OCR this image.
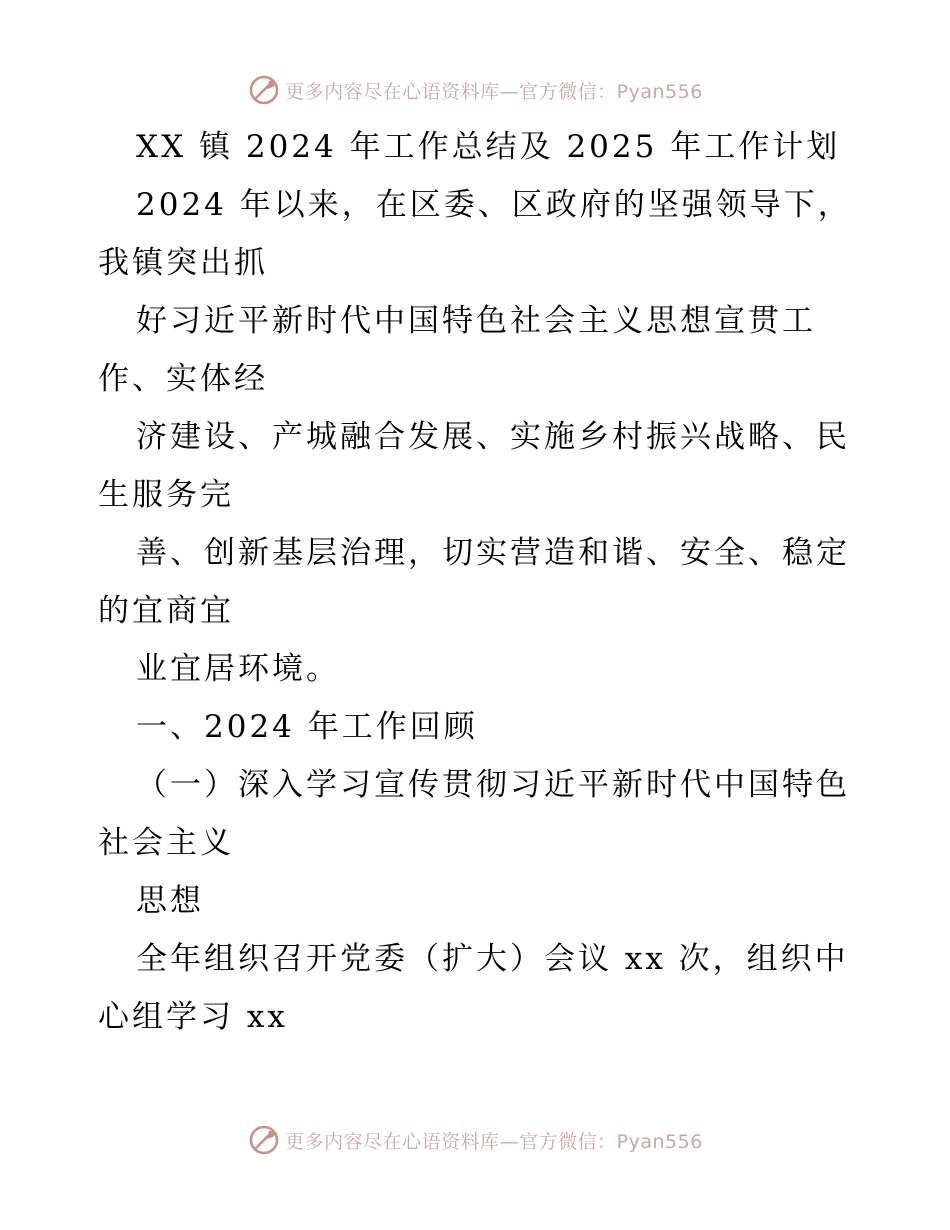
更多内容尽在心语资料库—官方微信：Pyan556
XX 镇 2024 年工作总结及 2025 年工作计划
2024 年以来，在区委、区政府的坚强领导下，
我镇突出抓
好习近平新时代中国特色社会主义思想宣贯工
作、实体经
济建设、产城融合发展、实施乡村振兴战略、民
生服务完
善、创新基层治理，切实营造和谐、安全、稳定
的宜商宜
业宜居环境。
一、2024 年工作回顾
（一）深入学习宣传贯彻习近平新时代中国特色
社会主义
思想
全年组织召开党委（扩大）会议 xx 次，组织中
心组学习 xx
更多内容尽在心语资料库—官方微信：Pyan556
